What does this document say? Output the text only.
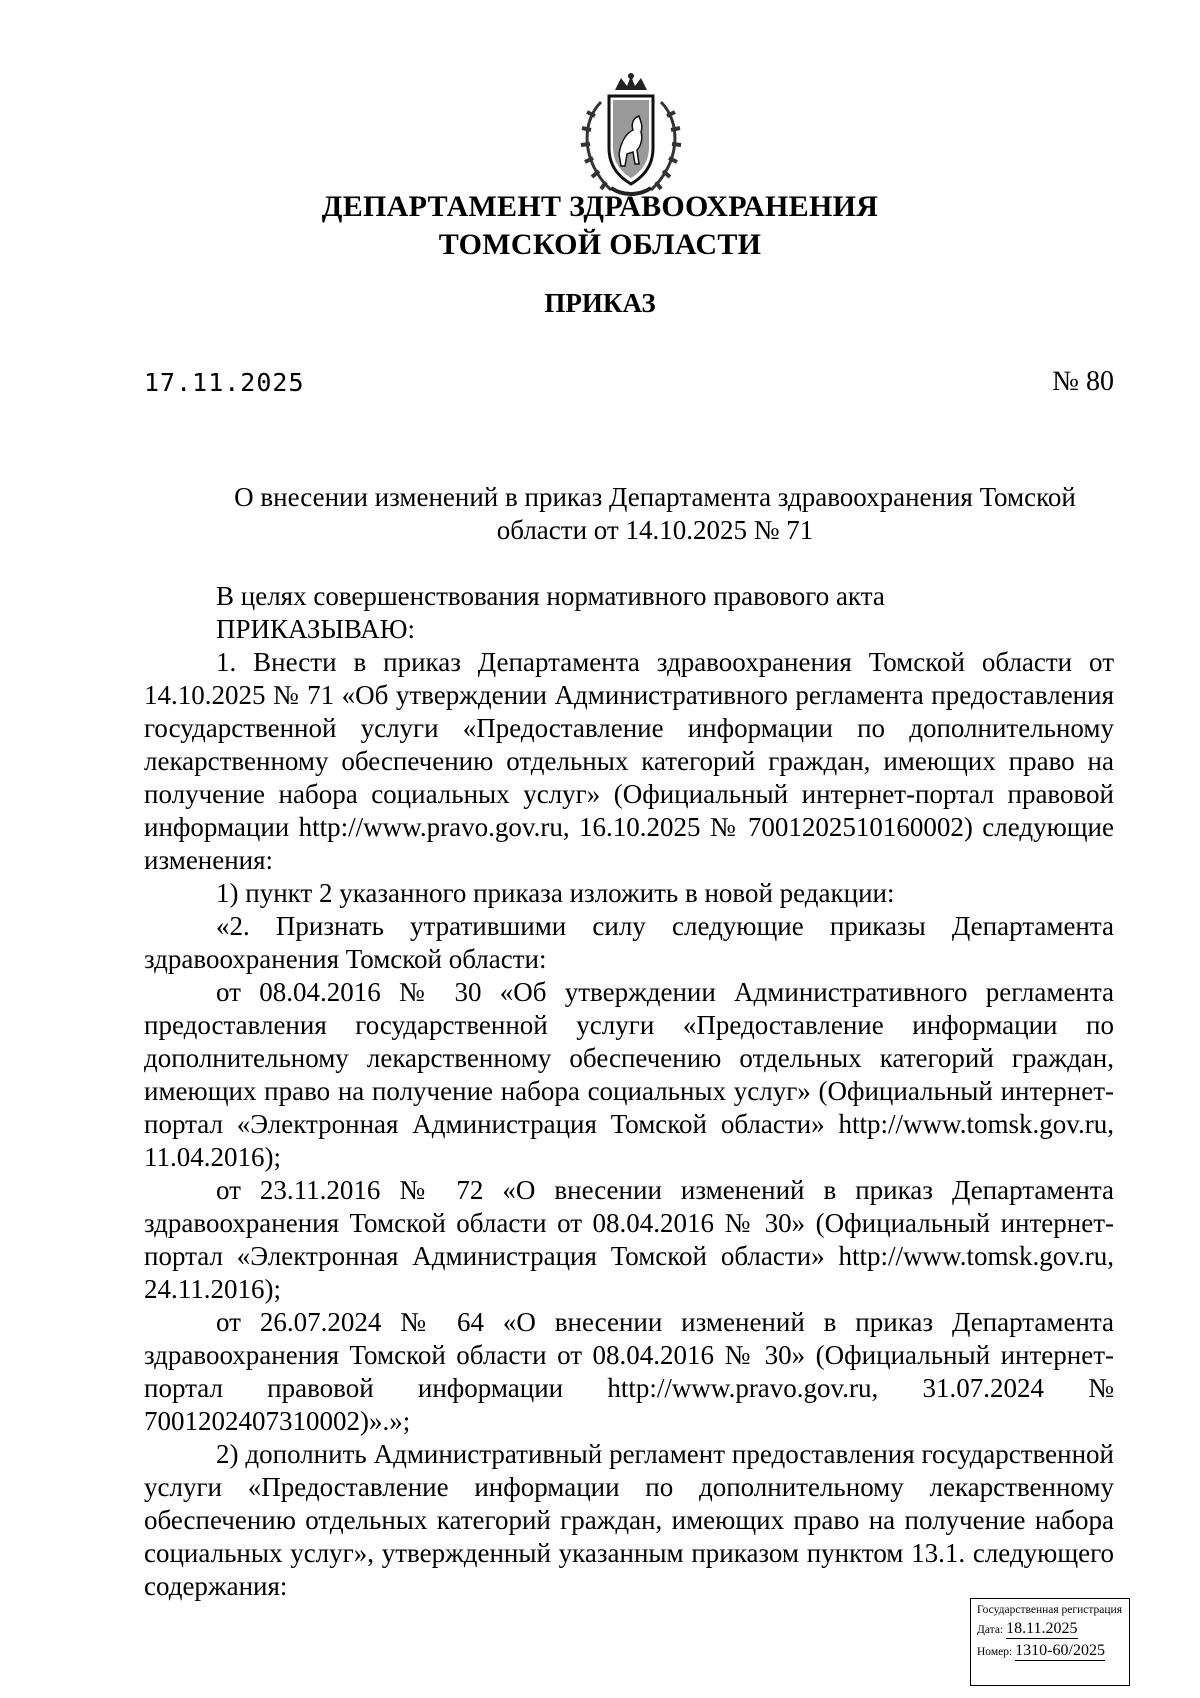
ДЕПАРТАМЕНТ ЗДРАВООХРАНЕНИЯ
ТОМСКОЙ ОБЛАСТИ
ПРИКАЗ
17.11.2025	№ 80
О внесении изменений в приказ Департамента здравоохранения Томской области от 14.10.2025 № 71

В целях совершенствования нормативного правового акта

ПРИКАЗЫВАЮ:

1. Внести в приказ Департамента здравоохранения Томской области от 14.10.2025 № 71 «Об утверждении Административного регламента предоставления государственной услуги «Предоставление информации по дополнительному лекарственному обеспечению отдельных категорий граждан, имеющих право на получение набора социальных услуг» (Официальный интернет-портал правовой информации http://www.pravo.gov.ru, 16.10.2025 № 7001202510160002) следующие изменения:

1) пункт 2 указанного приказа изложить в новой редакции:

«2. Признать утратившими силу следующие приказы Департамента здравоохранения Томской области:

от 08.04.2016 № 30 «Об утверждении Административного регламента предоставления государственной услуги «Предоставление информации по дополнительному лекарственному обеспечению отдельных категорий граждан, имеющих право на получение набора социальных услуг» (Официальный интернет-портал «Электронная Администрация Томской области» http://www.tomsk.gov.ru, 11.04.2016);

от 23.11.2016 № 72 «О внесении изменений в приказ Департамента здравоохранения Томской области от 08.04.2016 № 30» (Официальный интернет-портал «Электронная Администрация Томской области» http://www.tomsk.gov.ru, 24.11.2016);

от 26.07.2024 № 64 «О внесении изменений в приказ Департамента здравоохранения Томской области от 08.04.2016 № 30» (Официальный интернет-портал правовой информации http://www.pravo.gov.ru, 31.07.2024 № 7001202407310002)».»;

2) дополнить Административный регламент предоставления государственной услуги «Предоставление информации по дополнительному лекарственному обеспечению отдельных категорий граждан, имеющих право на получение набора социальных услуг», утвержденный указанным приказом пунктом 13.1. следующего содержания:

Государственная регистрация
Дата: 18.11.2025
Номер: 1310-60/2025
